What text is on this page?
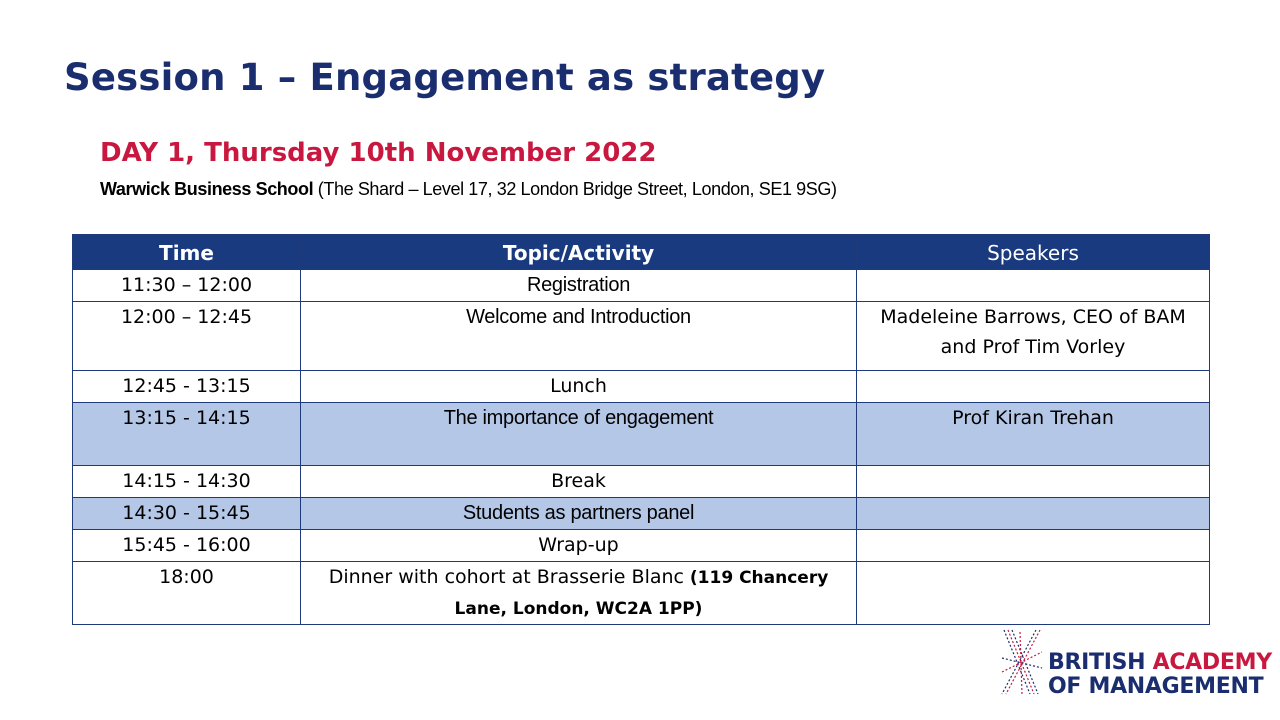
Session 1 – Engagement as strategy
DAY 1, Thursday 10th November 2022

Warwick Business School (The Shard – Level 17, 32 London Bridge Street, London, SE1 9SG)

Time	Topic/Activity	Speakers
11:30 – 12:00	Registration	
12:00 – 12:45	Welcome and Introduction	Madeleine Barrows, CEO of BAM
and Prof Tim Vorley

12:45 - 13:15	Lunch	
13:15 - 14:15	The importance of engagement	Prof Kiran Trehan
14:15 - 14:30	Break	
14:30 - 15:45	Students as partners panel	
15:45 - 16:00	Wrap-up	
18:00	Dinner with cohort at Brasserie Blanc (119 Chancery
Lane, London, WC2A 1PP)	
BRITISH ACADEMY
OF MANAGEMENT
